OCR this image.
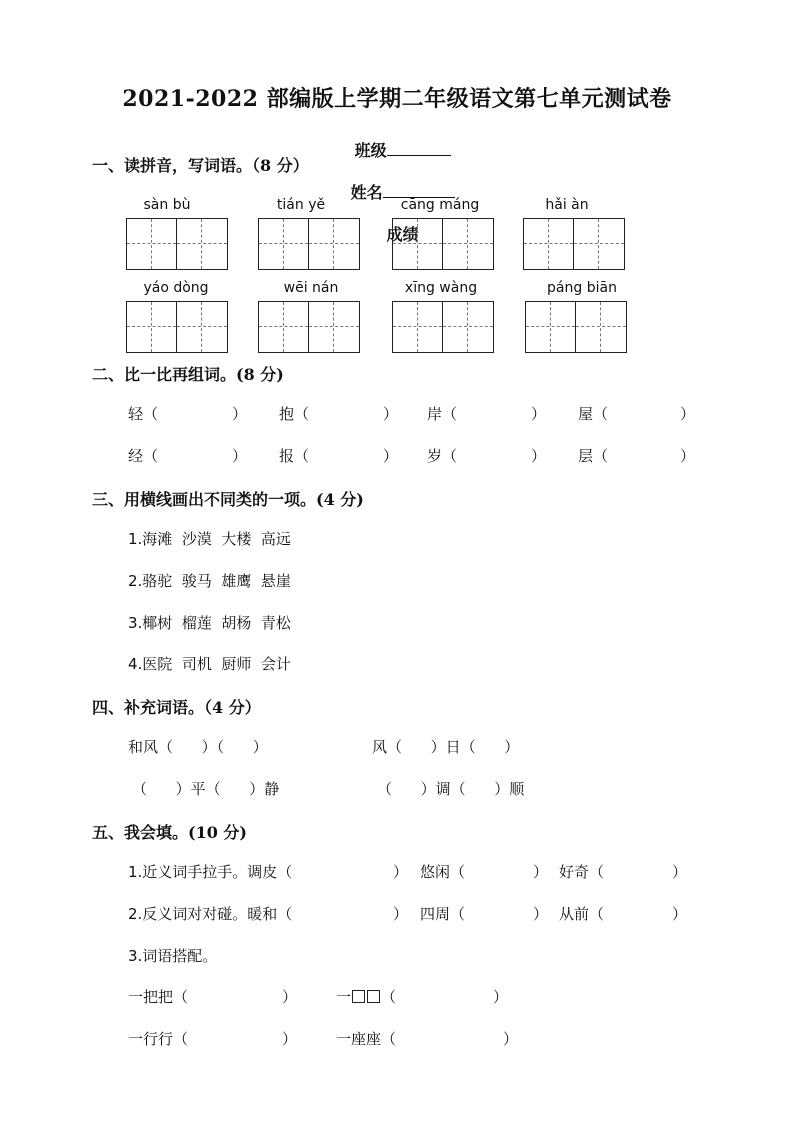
2021-2022 部编版上学期二年级语文第七单元测试卷

班级

姓名

成绩

一、读拼音，写词语。（8 分）
sàn bù	tián yě	cāng máng	hǎi àn
yáo dòng	wēi nán	xīng wàng	páng biān
二、比一比再组词。(8 分)
轻（	） 抱（	） 岸（	） 屋（	）
经（	） 报（	） 岁（	） 层（	）
三、用横线画出不同类的一项。(4 分)
1.海滩  沙漠  大楼  高远
2.骆驼  骏马  雄鹰  悬崖
3.椰树  榴莲  胡杨  青松
4.医院  司机  厨师  会计
四、补充词语。（4 分）
和风（      ）（      ）	风（      ）日（      ）
（      ）平（      ）静	（      ）调（      ）顺
五、我会填。(10 分)
1.近义词手拉手。调皮（	） 悠闲（	） 好奇（	）
2.反义词对对碰。暖和（	） 四周（	） 从前（	）
3.词语搭配。
一把把（	）	一 （	）
一行行（	）	一座座（	）
